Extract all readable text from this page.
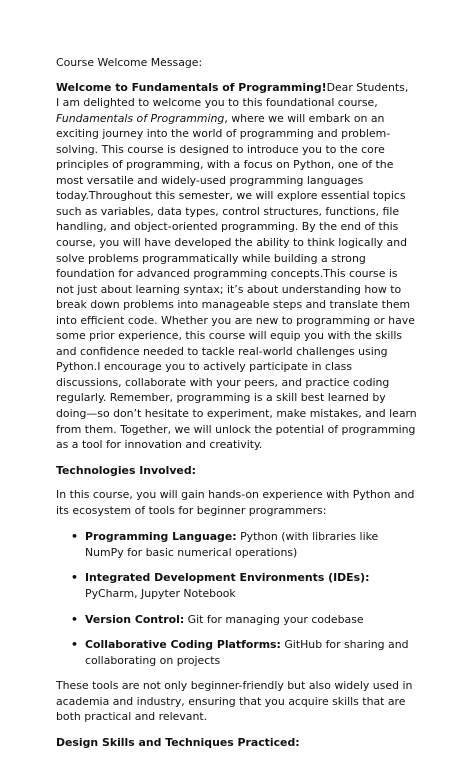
Course Welcome Message:

Welcome to Fundamentals of Programming!Dear Students,
I am delighted to welcome you to this foundational course, Fundamentals of Programming, where we will embark on an exciting journey into the world of programming and problem-solving. This course is designed to introduce you to the core principles of programming, with a focus on Python, one of the most versatile and widely-used programming languages today.Throughout this semester, we will explore essential topics such as variables, data types, control structures, functions, file handling, and object-oriented programming. By the end of this course, you will have developed the ability to think logically and solve problems programmatically while building a strong foundation for advanced programming concepts.This course is not just about learning syntax; it’s about understanding how to break down problems into manageable steps and translate them into efficient code. Whether you are new to programming or have some prior experience, this course will equip you with the skills and confidence needed to tackle real-world challenges using Python.I encourage you to actively participate in class discussions, collaborate with your peers, and practice coding regularly. Remember, programming is a skill best learned by doing—so don’t hesitate to experiment, make mistakes, and learn from them. Together, we will unlock the potential of programming as a tool for innovation and creativity.

Technologies Involved:

In this course, you will gain hands-on experience with Python and its ecosystem of tools for beginner programmers:

• Programming Language: Python (with libraries like NumPy for basic numerical operations)
• Integrated Development Environments (IDEs): PyCharm, Jupyter Notebook
• Version Control: Git for managing your codebase
• Collaborative Coding Platforms: GitHub for sharing and collaborating on projects

These tools are not only beginner-friendly but also widely used in academia and industry, ensuring that you acquire skills that are both practical and relevant.

Design Skills and Techniques Practiced:
